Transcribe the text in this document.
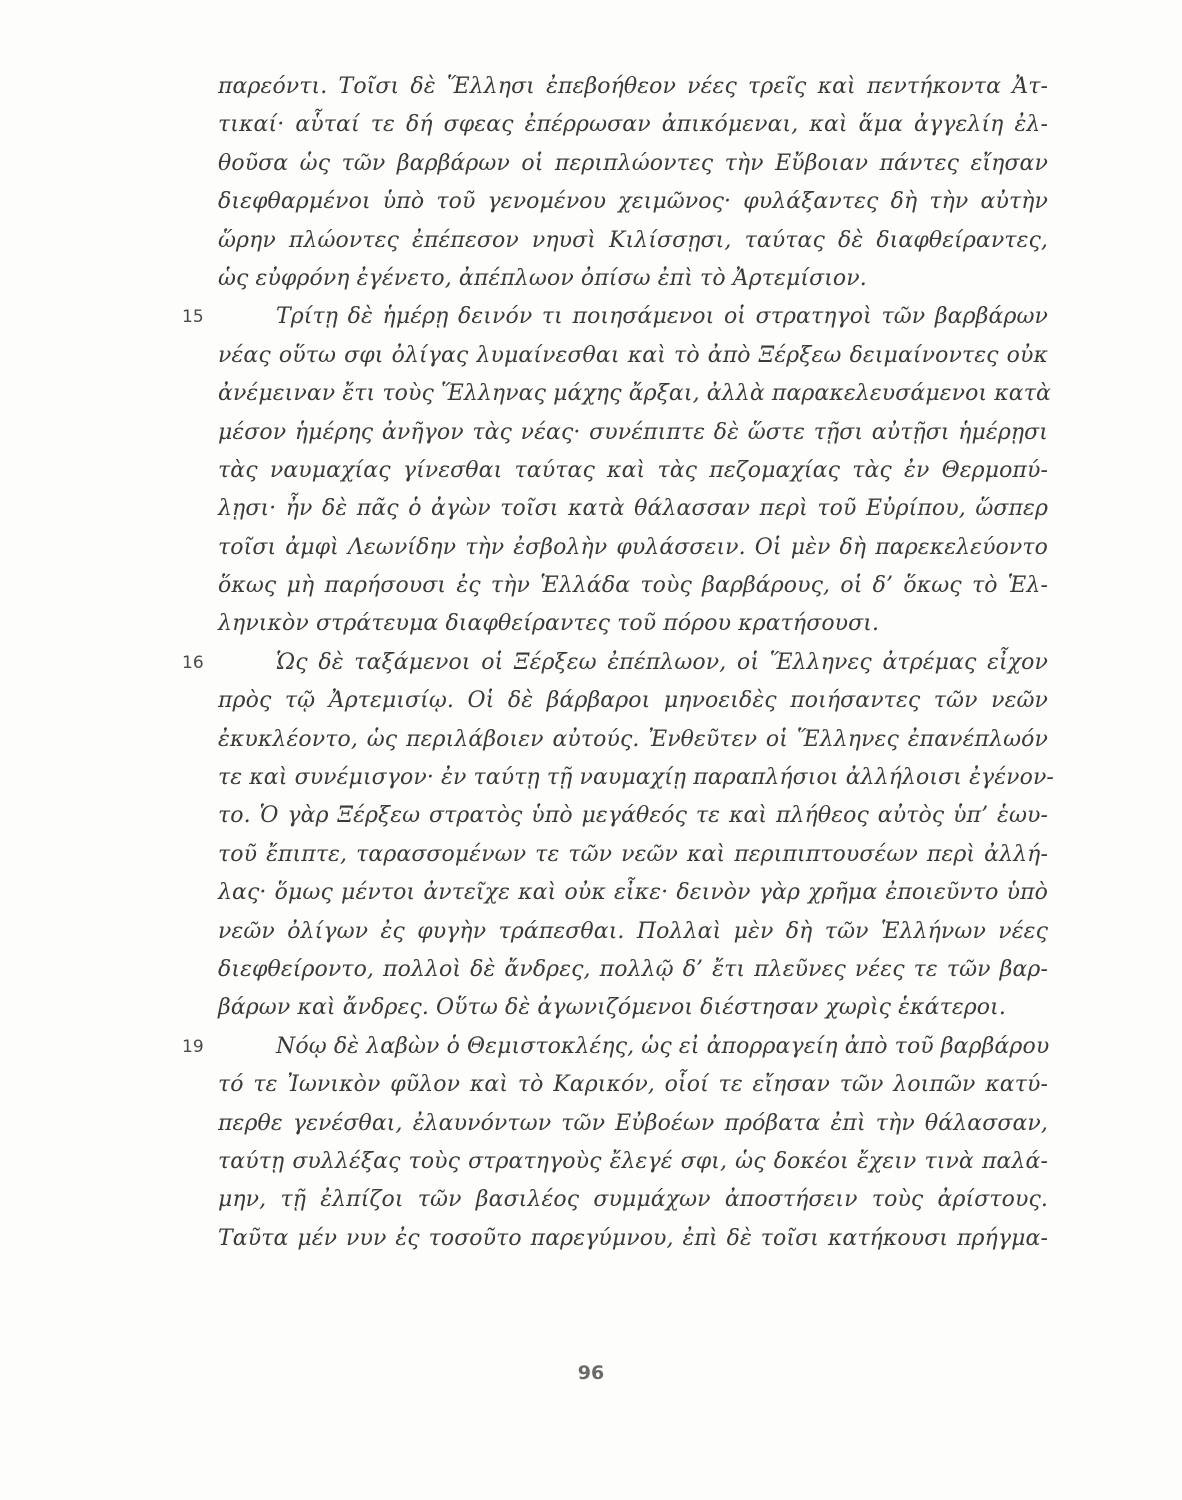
παρεόντι. Τοῖσι δὲ Ἕλλησι ἐπεβοήθεον νέες τρεῖς καὶ πεντήκοντα Ἀτ-
τικαί· αὗταί τε δή σφεας ἐπέρρωσαν ἀπικόμεναι, καὶ ἅμα ἀγγελίη ἐλ-
θοῦσα ὡς τῶν βαρβάρων οἱ περιπλώοντες τὴν Εὔβοιαν πάντες εἴησαν
διεφθαρμένοι ὑπὸ τοῦ γενομένου χειμῶνος· φυλάξαντες δὴ τὴν αὐτὴν
ὥρην πλώοντες ἐπέπεσον νηυσὶ Κιλίσσῃσι, ταύτας δὲ διαφθείραντες,
ὡς εὐφρόνη ἐγένετο, ἀπέπλωον ὀπίσω ἐπὶ τὸ Ἀρτεμίσιον.
15	Τρίτῃ δὲ ἡμέρῃ δεινόν τι ποιησάμενοι οἱ στρατηγοὶ τῶν βαρβάρων
νέας οὕτω σφι ὀλίγας λυμαίνεσθαι καὶ τὸ ἀπὸ Ξέρξεω δειμαίνοντες οὐκ
ἀνέμειναν ἔτι τοὺς Ἕλληνας μάχης ἄρξαι, ἀλλὰ παρακελευσάμενοι κατὰ
μέσον ἡμέρης ἀνῆγον τὰς νέας· συνέπιπτε δὲ ὥστε τῇσι αὐτῇσι ἡμέρῃσι
τὰς ναυμαχίας γίνεσθαι ταύτας καὶ τὰς πεζομαχίας τὰς ἐν Θερμοπύ-
λῃσι· ἦν δὲ πᾶς ὁ ἀγὼν τοῖσι κατὰ θάλασσαν περὶ τοῦ Εὐρίπου, ὥσπερ
τοῖσι ἀμφὶ Λεωνίδην τὴν ἐσβολὴν φυλάσσειν. Οἱ μὲν δὴ παρεκελεύοντο
ὅκως μὴ παρήσουσι ἐς τὴν Ἑλλάδα τοὺς βαρβάρους, οἱ δ’ ὅκως τὸ Ἑλ-
ληνικὸν στράτευμα διαφθείραντες τοῦ πόρου κρατήσουσι.
16	Ὡς δὲ ταξάμενοι οἱ Ξέρξεω ἐπέπλωον, οἱ Ἕλληνες ἀτρέμας εἶχον
πρὸς τῷ Ἀρτεμισίῳ. Οἱ δὲ βάρβαροι μηνοειδὲς ποιήσαντες τῶν νεῶν
ἐκυκλέοντο, ὡς περιλάβοιεν αὐτούς. Ἐνθεῦτεν οἱ Ἕλληνες ἐπανέπλωόν
τε καὶ συνέμισγον· ἐν ταύτῃ τῇ ναυμαχίῃ παραπλήσιοι ἀλλήλοισι ἐγένον-
το. Ὁ γὰρ Ξέρξεω στρατὸς ὑπὸ μεγάθεός τε καὶ πλήθεος αὐτὸς ὑπ’ ἑωυ-
τοῦ ἔπιπτε, ταρασσομένων τε τῶν νεῶν καὶ περιπιπτουσέων περὶ ἀλλή-
λας· ὅμως μέντοι ἀντεῖχε καὶ οὐκ εἶκε· δεινὸν γὰρ χρῆμα ἐποιεῦντο ὑπὸ
νεῶν ὀλίγων ἐς φυγὴν τράπεσθαι. Πολλαὶ μὲν δὴ τῶν Ἑλλήνων νέες
διεφθείροντο, πολλοὶ δὲ ἄνδρες, πολλῷ δ’ ἔτι πλεῦνες νέες τε τῶν βαρ-
βάρων καὶ ἄνδρες. Οὕτω δὲ ἀγωνιζόμενοι διέστησαν χωρὶς ἑκάτεροι.
19	Νόῳ δὲ λαβὼν ὁ Θεμιστοκλέης, ὡς εἰ ἀπορραγείη ἀπὸ τοῦ βαρβάρου
τό τε Ἰωνικὸν φῦλον καὶ τὸ Καρικόν, οἷοί τε εἴησαν τῶν λοιπῶν κατύ-
περθε γενέσθαι, ἐλαυνόντων τῶν Εὐβοέων πρόβατα ἐπὶ τὴν θάλασσαν,
ταύτῃ συλλέξας τοὺς στρατηγοὺς ἔλεγέ σφι, ὡς δοκέοι ἔχειν τινὰ παλά-
μην, τῇ ἐλπίζοι τῶν βασιλέος συμμάχων ἀποστήσειν τοὺς ἀρίστους.
Ταῦτα μέν νυν ἐς τοσοῦτο παρεγύμνου, ἐπὶ δὲ τοῖσι κατήκουσι πρήγμα-
96
